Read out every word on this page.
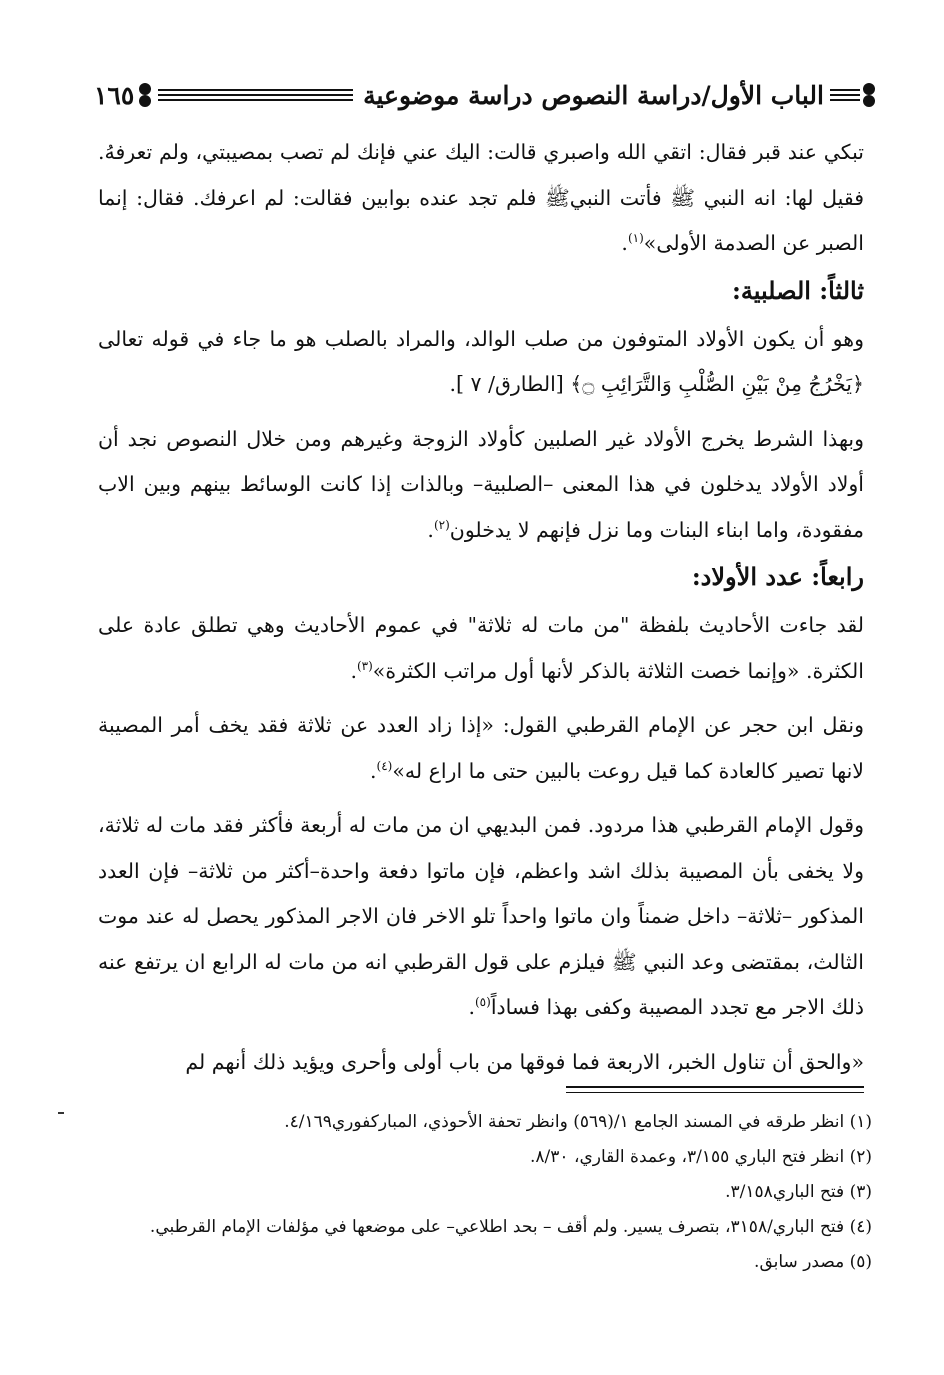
الباب الأول/دراسة النصوص دراسة موضوعية
١٦٥

تبكي عند قبر فقال: اتقي الله واصبري قالت: اليك عني فإنك لم تصب بمصيبتي، ولم تعرفهُ. فقيل لها: انه النبي ﷺ فأتت النبيﷺ فلم تجد عنده بوابين فقالت: لم اعرفك. فقال: إنما الصبر عن الصدمة الأولى»$^{(١)}$.

ثالثاً: الصلبية:

وهو أن يكون الأولاد المتوفون من صلب الوالد، والمراد بالصلب هو ما جاء في قوله تعالى ﴿يَخْرُجُ مِنْ بَيْنِ الصُّلْبِ وَالتَّرَائِبِ ۝﴾ [الطارق/ ٧ ].

وبهذا الشرط يخرج الأولاد غير الصلبين كأولاد الزوجة وغيرهم ومن خلال النصوص نجد أن أولاد الأولاد يدخلون في هذا المعنى –الصلبية– وبالذات إذا كانت الوسائط بينهم وبين الاب مفقودة، واما ابناء البنات وما نزل فإنهم لا يدخلون$^{(٢)}$.

رابعاً: عدد الأولاد:

لقد جاءت الأحاديث بلفظة "من مات له ثلاثة" في عموم الأحاديث وهي تطلق عادة على الكثرة. «وإنما خصت الثلاثة بالذكر لأنها أول مراتب الكثرة»$^{(٣)}$.

ونقل ابن حجر عن الإمام القرطبي القول: «إذا زاد العدد عن ثلاثة فقد يخف أمر المصيبة لانها تصير كالعادة كما قيل روعت بالبين حتى ما اراع له»$^{(٤)}$.

وقول الإمام القرطبي هذا مردود. فمن البديهي ان من مات له أربعة فأكثر فقد مات له ثلاثة، ولا يخفى بأن المصيبة بذلك اشد واعظم، فإن ماتوا دفعة واحدة–أكثر من ثلاثة– فإن العدد المذكور –ثلاثة– داخل ضمناً وان ماتوا واحداً تلو الاخر فان الاجر المذكور يحصل له عند موت الثالث، بمقتضى وعد النبي ﷺ فيلزم على قول القرطبي انه من مات له الرابع ان يرتفع عنه ذلك الاجر مع تجدد المصيبة وكفى بهذا فساداً$^{(٥)}$.

«والحق أن تناول الخبر، الاربعة فما فوقها من باب أولى وأحرى ويؤيد ذلك أنهم لم

(١) انظر طرقه في المسند الجامع ١/(٥٦٩) وانظر تحفة الأحوذي، المباركفوري٤/١٦٩.

(٢) انظر فتح الباري ٣/١٥٥، وعمدة القاري، ٨/٣٠.

(٣) فتح الباري٣/١٥٨.

(٤) فتح الباري/٣١٥٨، بتصرف يسير. ولم أقف – بحد اطلاعي– على موضعها في مؤلفات الإمام القرطبي.

(٥) مصدر سابق.
